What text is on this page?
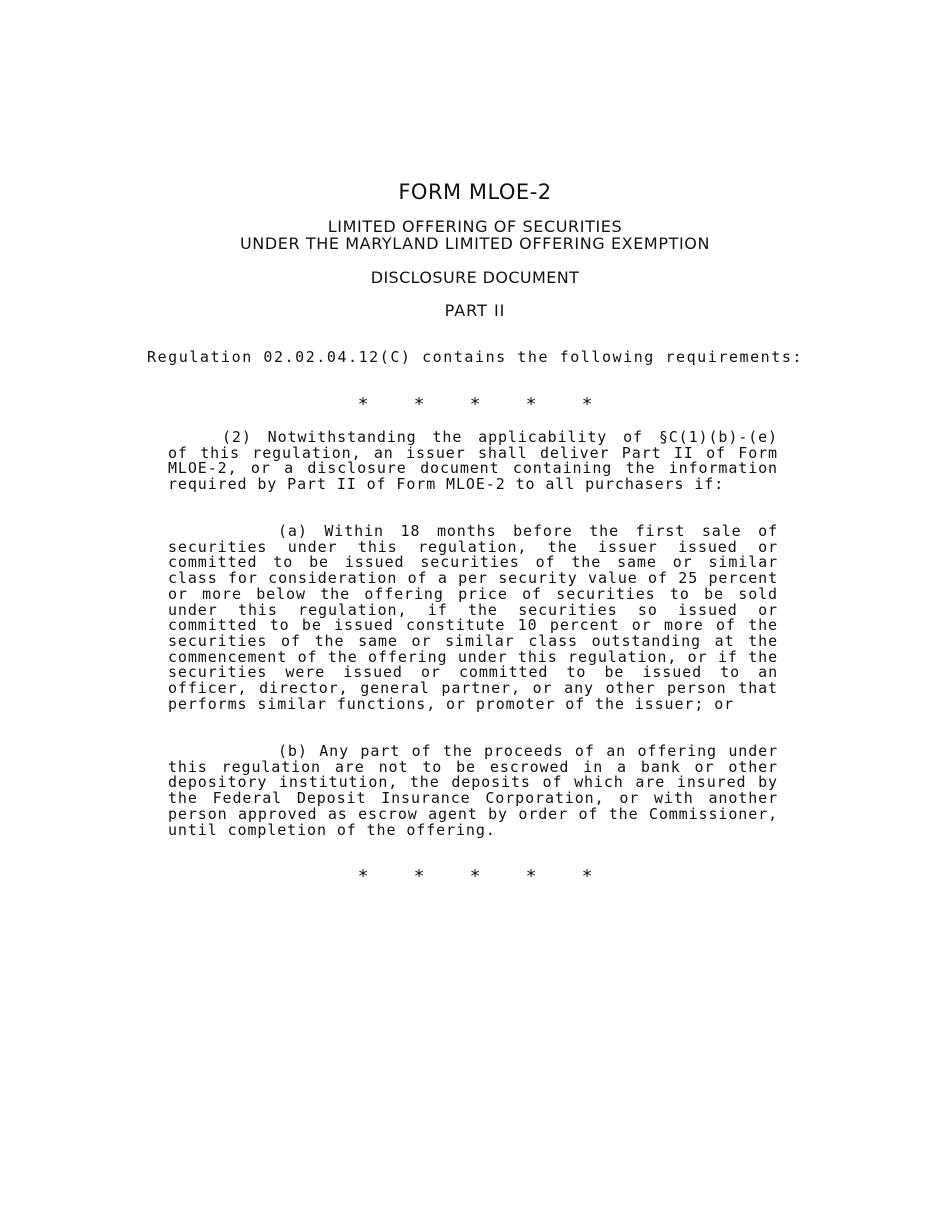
FORM MLOE-2
LIMITED OFFERING OF SECURITIES
UNDER THE MARYLAND LIMITED OFFERING EXEMPTION
DISCLOSURE DOCUMENT
PART II
Regulation 02.02.04.12(C) contains the following requirements:
*	*	*	*	*
(2) Notwithstanding the applicability of §C(1)(b)-(e) of this regulation, an issuer shall deliver Part II of Form MLOE-2, or a disclosure document containing the information required by Part II of Form MLOE-2 to all purchasers if:
(a) Within 18 months before the first sale of securities under this regulation, the issuer issued or committed to be issued securities of the same or similar class for consideration of a per security value of 25 percent or more below the offering price of securities to be sold under this regulation, if the securities so issued or committed to be issued constitute 10 percent or more of the securities of the same or similar class outstanding at the commencement of the offering under this regulation, or if the securities were issued or committed to be issued to an officer, director, general partner, or any other person that performs similar functions, or promoter of the issuer; or
(b) Any part of the proceeds of an offering under this regulation are not to be escrowed in a bank or other depository institution, the deposits of which are insured by the Federal Deposit Insurance Corporation, or with another person approved as escrow agent by order of the Commissioner, until completion of the offering.
*	*	*	*	*
